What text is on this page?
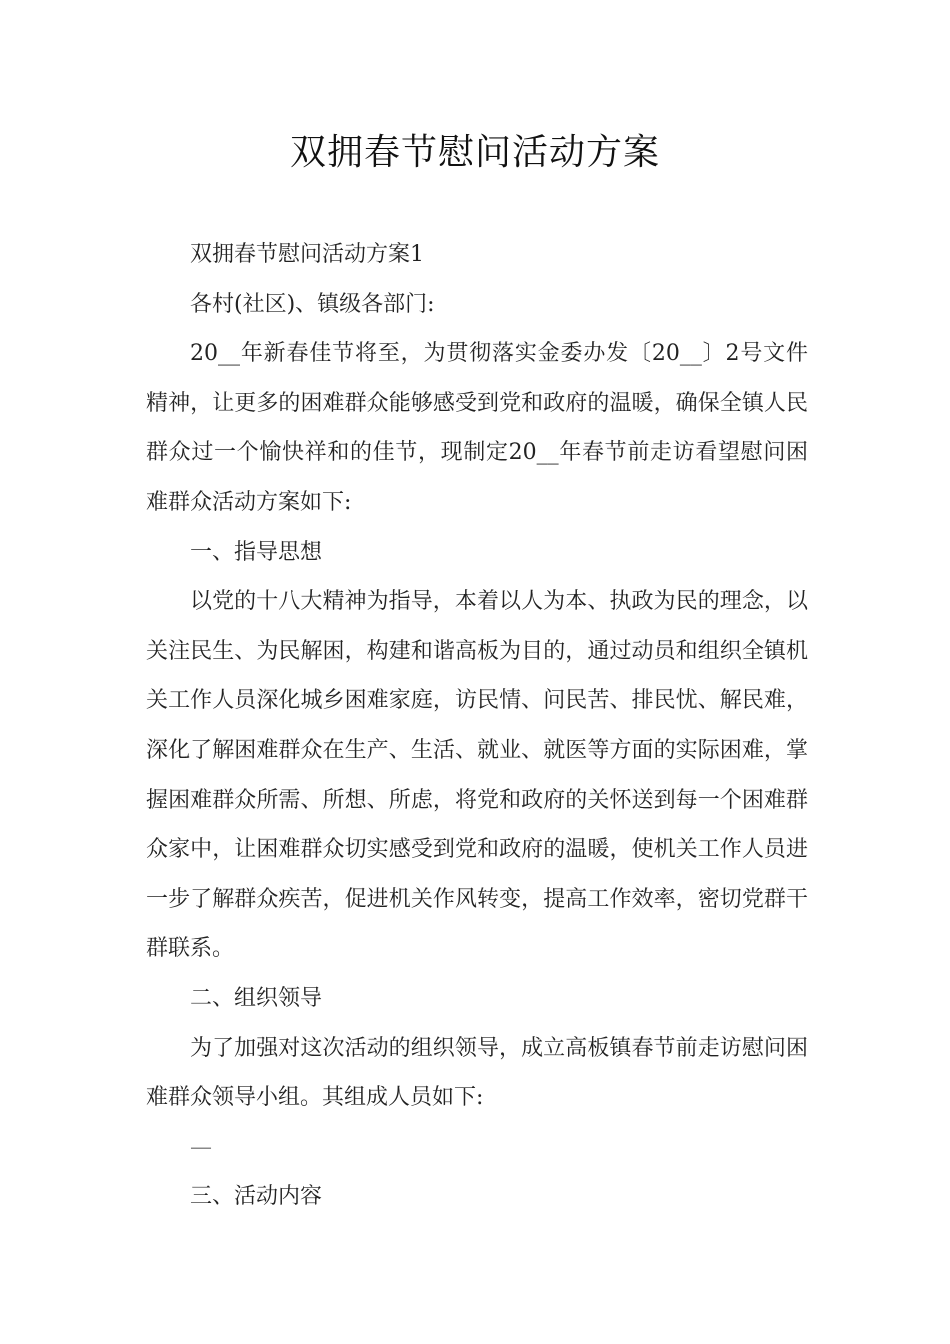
双拥春节慰问活动方案

双拥春节慰问活动方案1

各村(社区)、镇级各部门:

20__年新春佳节将至，为贯彻落实金委办发〔20__〕2号文件精神，让更多的困难群众能够感受到党和政府的温暖，确保全镇人民群众过一个愉快祥和的佳节，现制定20__年春节前走访看望慰问困难群众活动方案如下:

一、指导思想

以党的十八大精神为指导，本着以人为本、执政为民的理念，以关注民生、为民解困，构建和谐高板为目的，通过动员和组织全镇机关工作人员深化城乡困难家庭，访民情、问民苦、排民忧、解民难，深化了解困难群众在生产、生活、就业、就医等方面的实际困难，掌握困难群众所需、所想、所虑，将党和政府的关怀送到每一个困难群众家中，让困难群众切实感受到党和政府的温暖，使机关工作人员进一步了解群众疾苦，促进机关作风转变，提高工作效率，密切党群干群联系。

二、组织领导

为了加强对这次活动的组织领导，成立高板镇春节前走访慰问困难群众领导小组。其组成人员如下:

—

三、活动内容
